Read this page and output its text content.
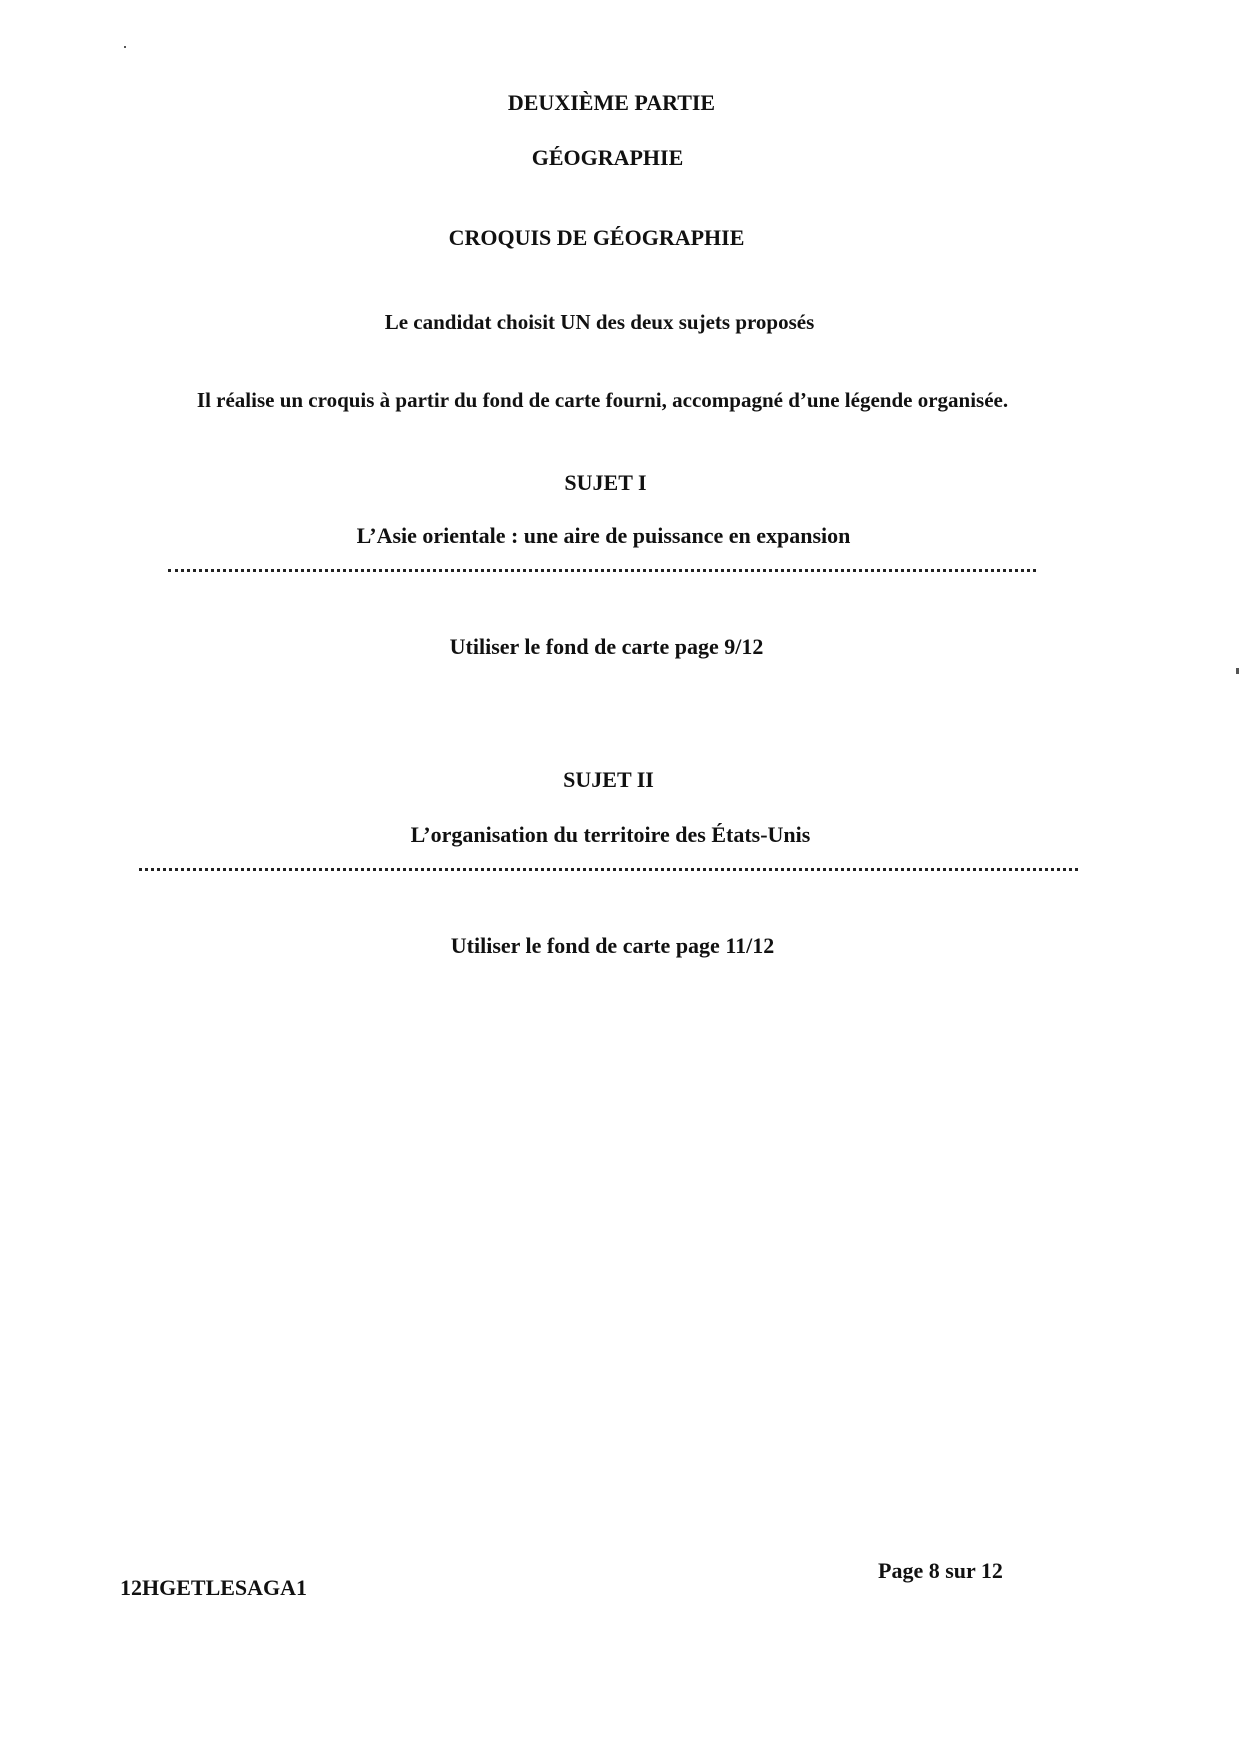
DEUXIÈME PARTIE
GÉOGRAPHIE
CROQUIS DE GÉOGRAPHIE
Le candidat choisit UN des deux sujets proposés
Il réalise un croquis à partir du fond de carte fourni, accompagné d’une légende organisée.
SUJET I
L’Asie orientale : une aire de puissance en expansion
Utiliser le fond de carte page 9/12
SUJET II
L’organisation du territoire des États-Unis
Utiliser le fond de carte page 11/12
12HGETLESAGA1
Page 8 sur 12
